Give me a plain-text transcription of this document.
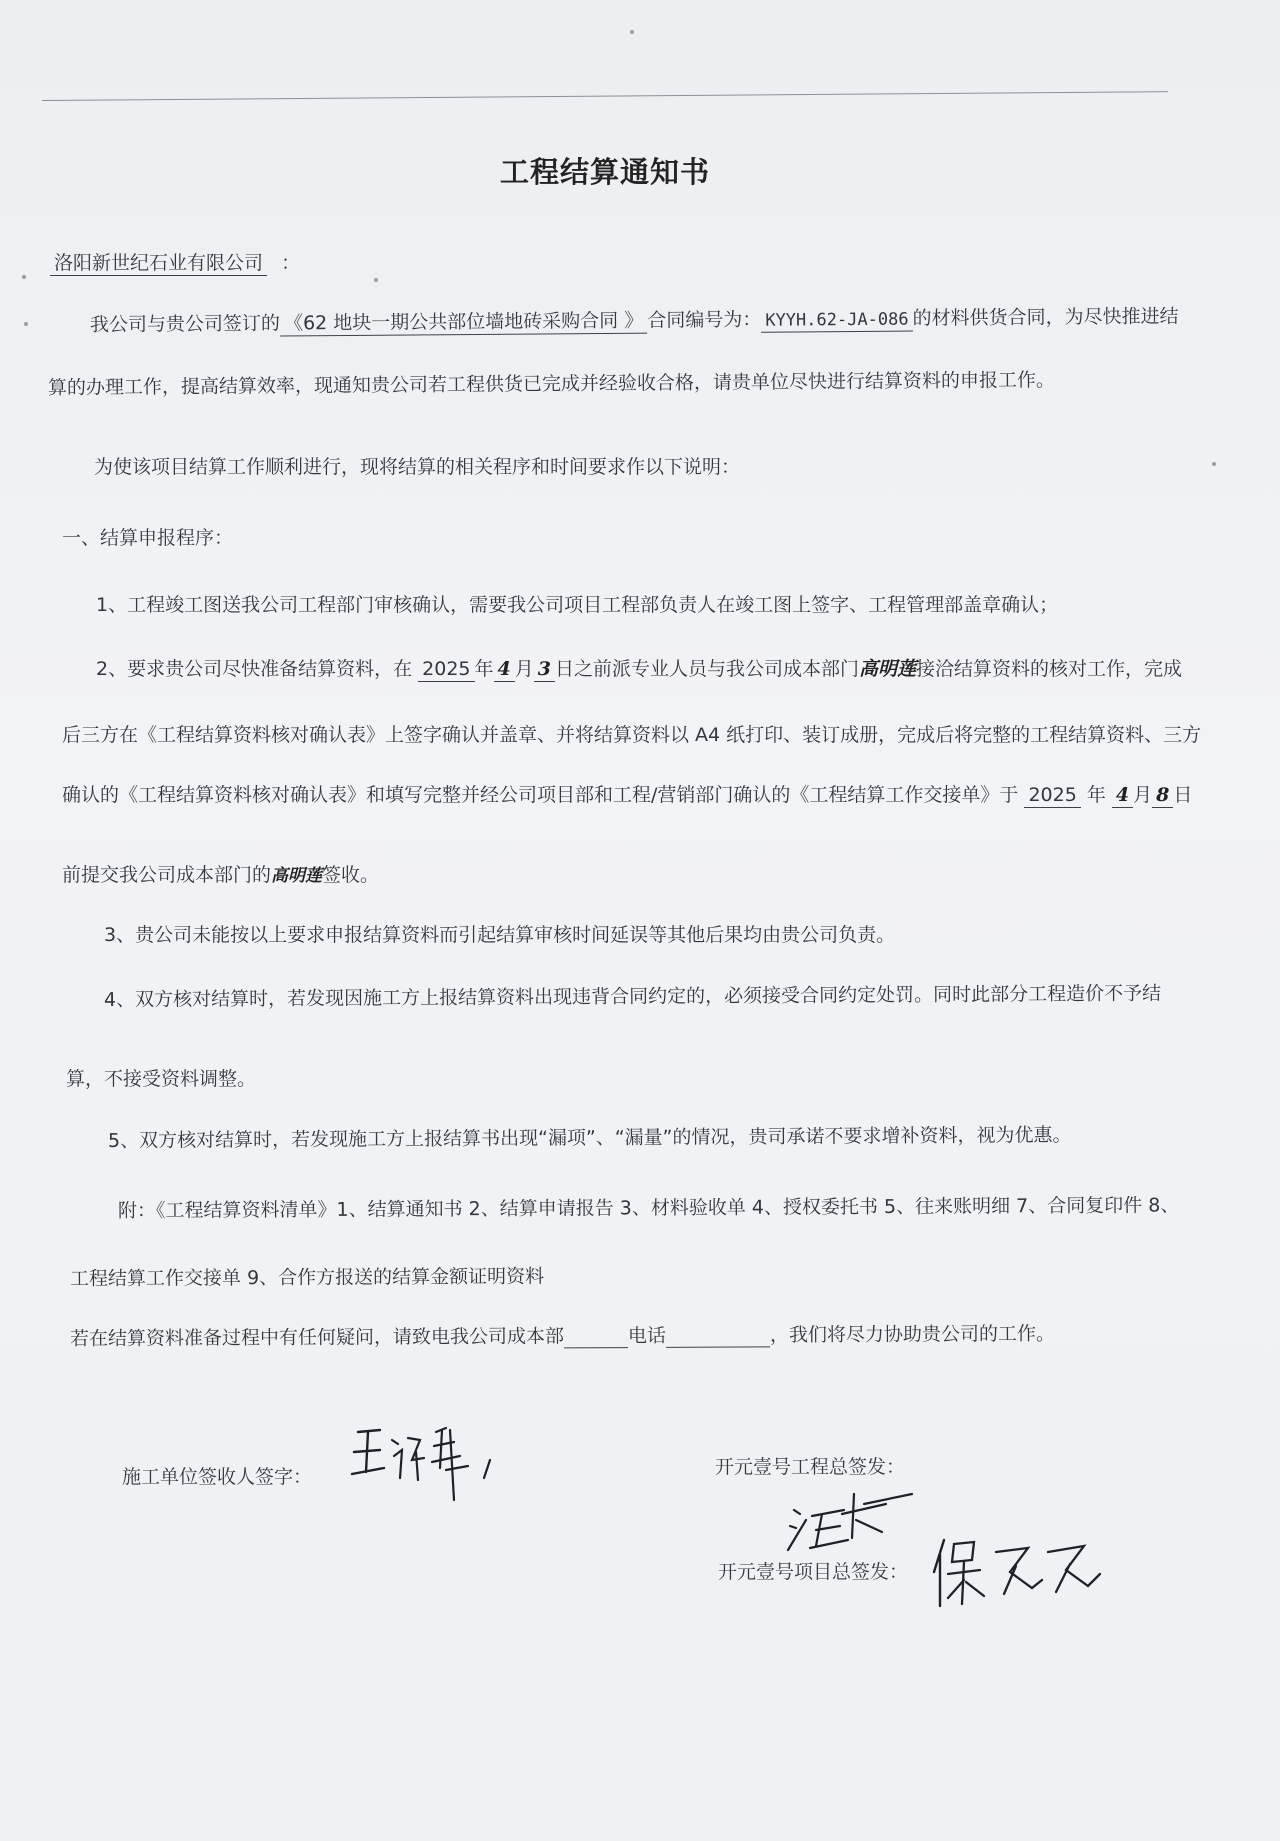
工程结算通知书
洛阳新世纪石业有限公司 ：
我公司与贵公司签订的 《62 地块一期公共部位墙地砖采购合同 》 合同编号为： KYYH.62-JA-086 的材料供货合同，为尽快推进结
算的办理工作，提高结算效率，现通知贵公司若工程供货已完成并经验收合格，请贵单位尽快进行结算资料的申报工作。
为使该项目结算工作顺利进行，现将结算的相关程序和时间要求作以下说明：
一、结算申报程序：
1、工程竣工图送我公司工程部门审核确认，需要我公司项目工程部负责人在竣工图上签字、工程管理部盖章确认；
2、要求贵公司尽快准备结算资料，在 2025 年 4 月 3 日之前派专业人员与我公司成本部门高明莲接洽结算资料的核对工作，完成
后三方在《工程结算资料核对确认表》上签字确认并盖章、并将结算资料以 A4 纸打印、装订成册，完成后将完整的工程结算资料、三方
确认的《工程结算资料核对确认表》和填写完整并经公司项目部和工程/营销部门确认的《工程结算工作交接单》于 2025 年 4 月 8 日
前提交我公司成本部门的高明莲签收。
3、贵公司未能按以上要求申报结算资料而引起结算审核时间延误等其他后果均由贵公司负责。
4、双方核对结算时，若发现因施工方上报结算资料出现违背合同约定的，必须接受合同约定处罚。同时此部分工程造价不予结
算，不接受资料调整。
5、双方核对结算时，若发现施工方上报结算书出现“漏项”、“漏量”的情况，贵司承诺不要求增补资料，视为优惠。
附：《工程结算资料清单》1、结算通知书 2、结算申请报告 3、材料验收单 4、授权委托书 5、往来账明细 7、合同复印件 8、
工程结算工作交接单 9、合作方报送的结算金额证明资料
若在结算资料准备过程中有任何疑问，请致电我公司成本部	电话	，我们将尽力协助贵公司的工作。
施工单位签收人签字：	开元壹号工程总签发：
开元壹号项目总签发：
